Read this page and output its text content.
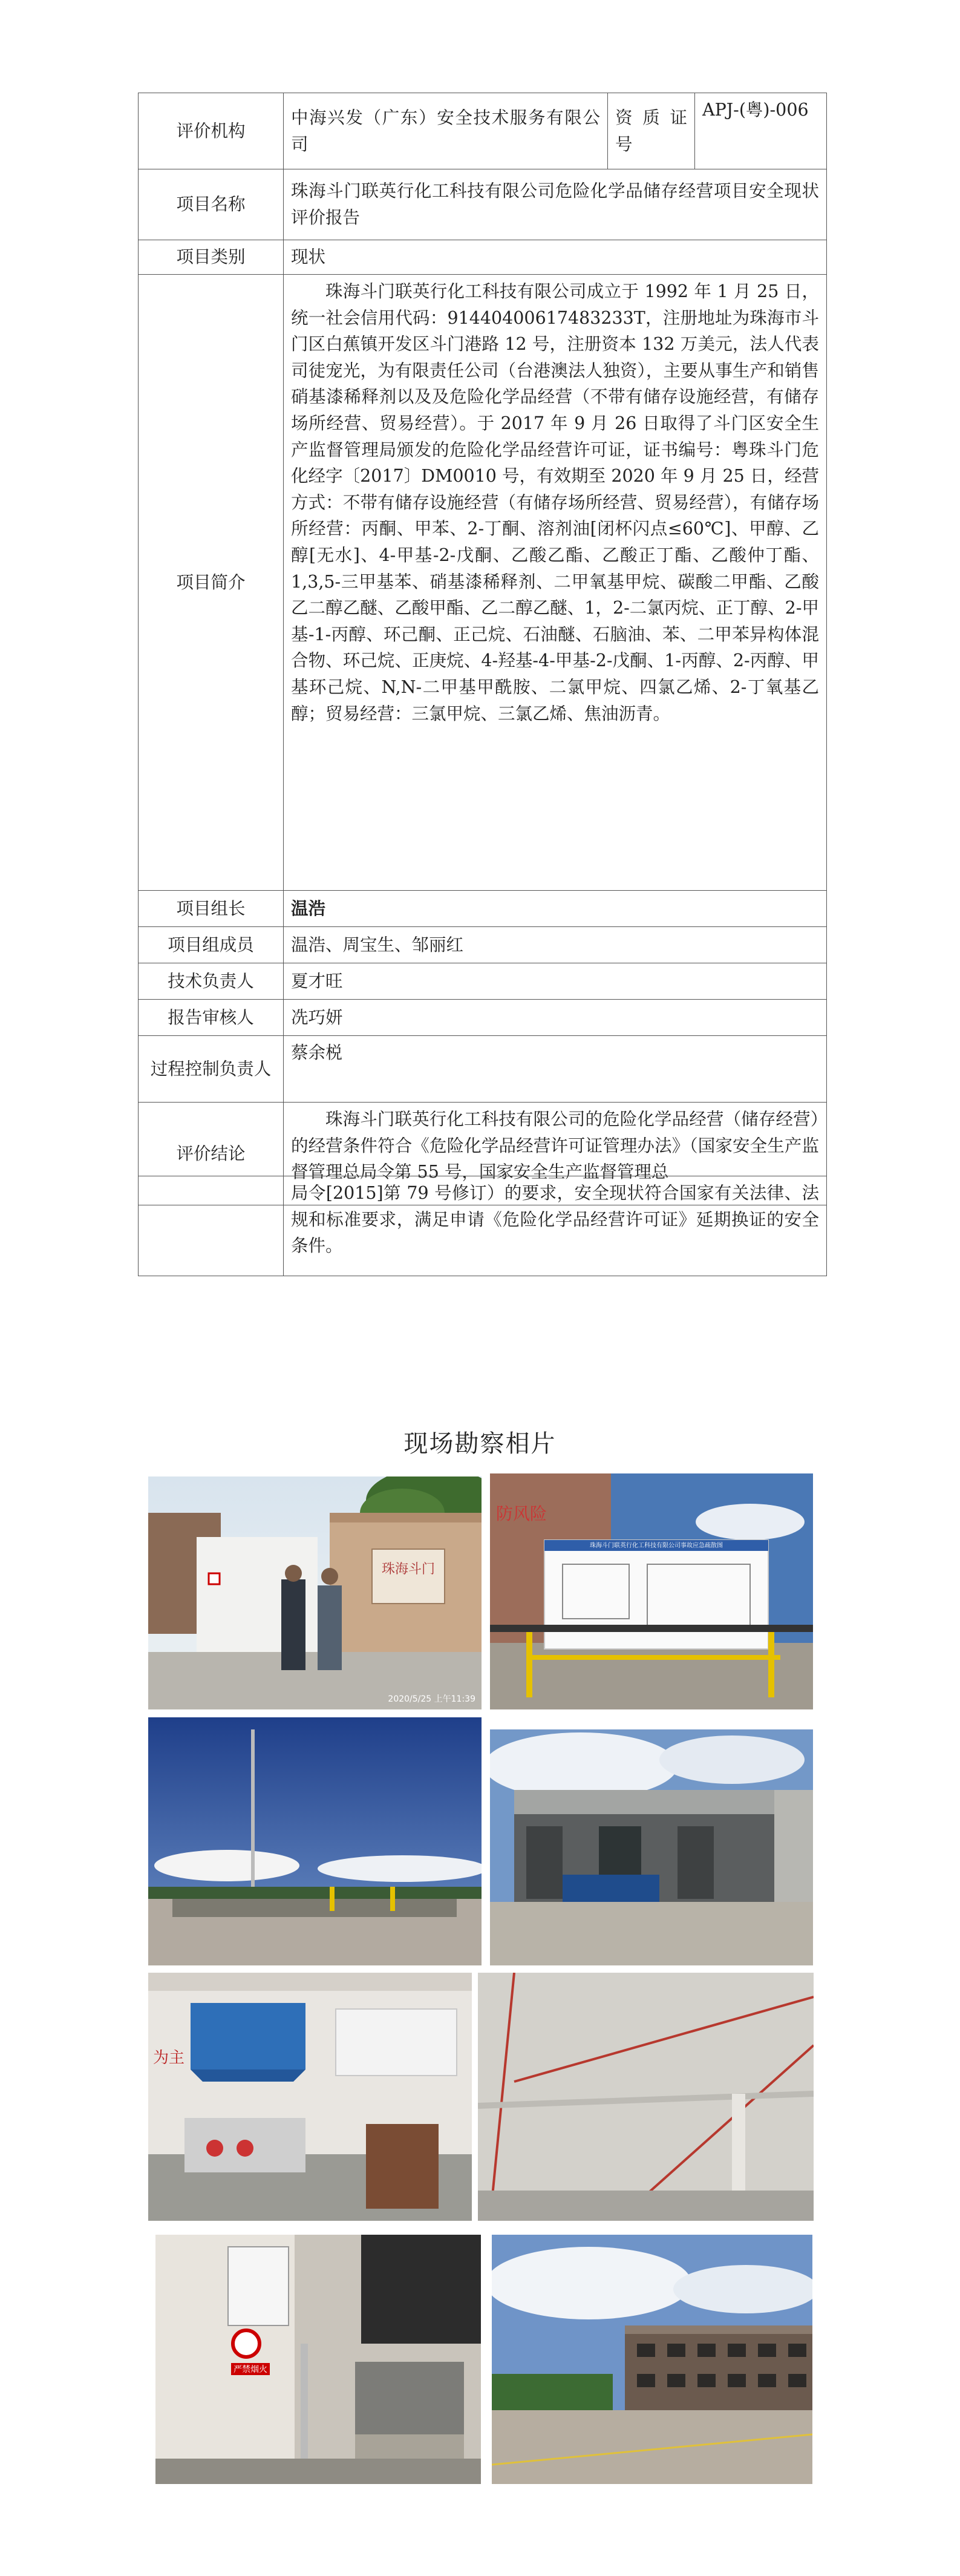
评价机构	中海兴发（广东）安全技术服务有限公司	资 质 证 号	APJ-(粤)-006
项目名称	珠海斗门联英行化工科技有限公司危险化学品储存经营项目安全现状评价报告		
项目类别	现状		
项目简介	珠海斗门联英行化工科技有限公司成立于 1992 年 1 月 25 日，统一社会信用代码：91440400617483233T，注册地址为珠海市斗门区白蕉镇开发区斗门港路 12 号，注册资本 132 万美元，法人代表司徒宠光，为有限责任公司（台港澳法人独资），主要从事生产和销售硝基漆稀释剂以及及危险化学品经营（不带有储存设施经营，有储存场所经营、贸易经营）。于 2017 年 9 月 26 日取得了斗门区安全生产监督管理局颁发的危险化学品经营许可证，证书编号：粤珠斗门危化经字〔2017〕DM0010 号，有效期至 2020 年 9 月 25 日，经营方式：不带有储存设施经营（有储存场所经营、贸易经营），有储存场所经营：丙酮、甲苯、2-丁酮、溶剂油[闭杯闪点≤60℃]、甲醇、乙醇[无水]、4-甲基-2-戊酮、乙酸乙酯、乙酸正丁酯、乙酸仲丁酯、1,3,5-三甲基苯、硝基漆稀释剂、二甲氧基甲烷、碳酸二甲酯、乙酸乙二醇乙醚、乙酸甲酯、乙二醇乙醚、1，2-二氯丙烷、正丁醇、2-甲基-1-丙醇、环己酮、正己烷、石油醚、石脑油、苯、二甲苯异构体混合物、环己烷、正庚烷、4-羟基-4-甲基-2-戊酮、1-丙醇、2-丙醇、甲基环己烷、N,N-二甲基甲酰胺、二氯甲烷、四氯乙烯、2-丁氧基乙醇；贸易经营：三氯甲烷、三氯乙烯、焦油沥青。		
项目组长	温浩		
项目组成员	温浩、周宝生、邹丽红		
技术负责人	夏才旺		
报告审核人	冼巧妍		
过程控制负责人	蔡余棁		
评价结论	珠海斗门联英行化工科技有限公司的危险化学品经营（储存经营）的经营条件符合《危险化学品经营许可证管理办法》（国家安全生产监督管理总局令第 55 号，国家安全生产监督管理总		
	局令[2015]第 79 号修订）的要求，安全现状符合国家有关法律、法规和标准要求，满足申请《危险化学品经营许可证》延期换证的安全条件。
现场勘察相片
珠海斗门
2020/5/25 上午11:39
珠海斗门联英行化工科技有限公司事故应急疏散图
防风险
为主
严禁烟火
